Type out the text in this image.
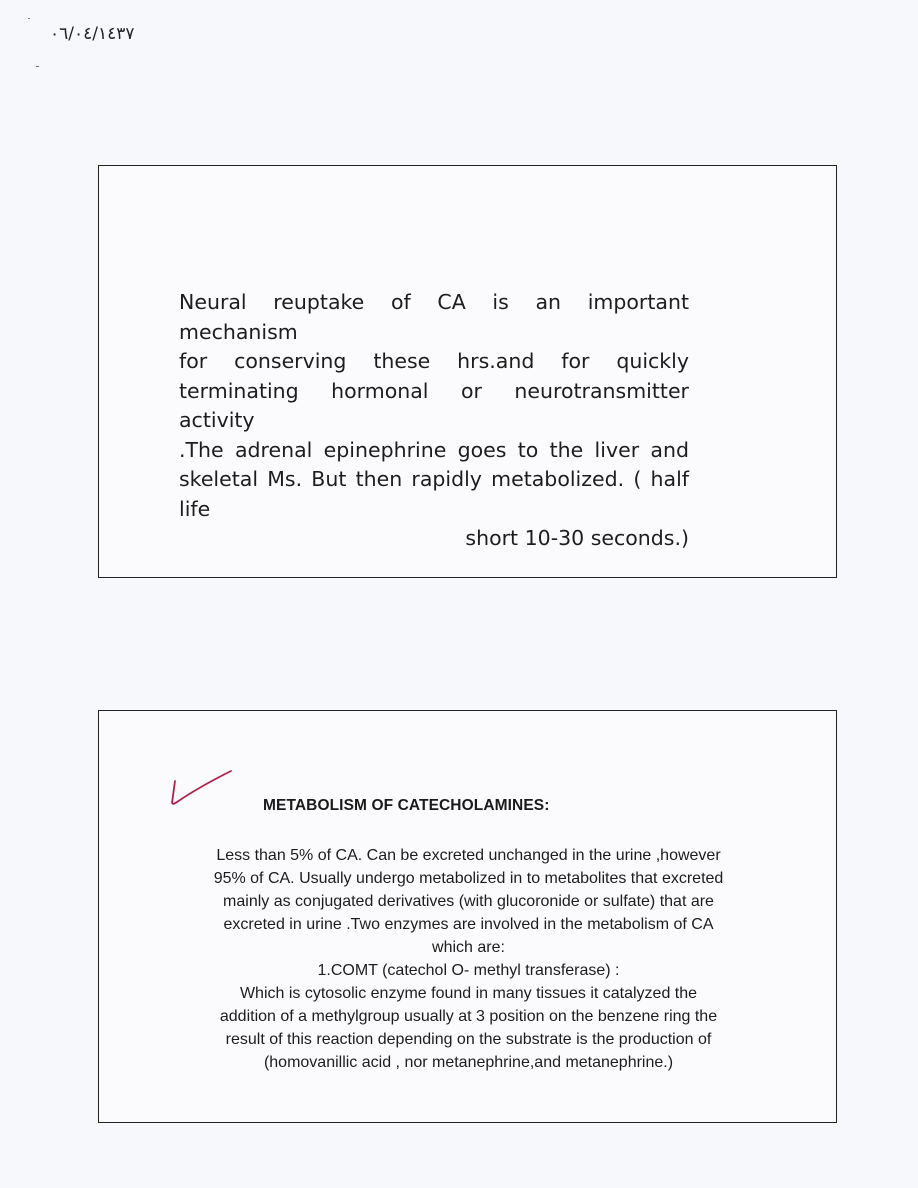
٠٦/٠٤/١٤٣٧
Neural reuptake of CA is an important mechanism
for conserving these hrs.and for quickly
terminating hormonal or neurotransmitter activity
.The adrenal epinephrine goes to the liver and
skeletal Ms. But then rapidly metabolized. ( half life
short 10-30 seconds.)
METABOLISM OF CATECHOLAMINES:
Less than 5% of CA. Can be excreted unchanged in the urine ,however
95% of CA. Usually undergo metabolized in to metabolites that excreted
mainly as conjugated derivatives (with glucoronide or sulfate) that are
excreted in urine .Two enzymes are involved in the metabolism of CA
which are:
1.COMT (catechol O- methyl transferase) :
Which is cytosolic enzyme found in many tissues it catalyzed the
addition of a methylgroup usually at 3 position on the benzene ring the
result of this reaction depending on the substrate is the production of
(homovanillic acid , nor metanephrine,and metanephrine.)
